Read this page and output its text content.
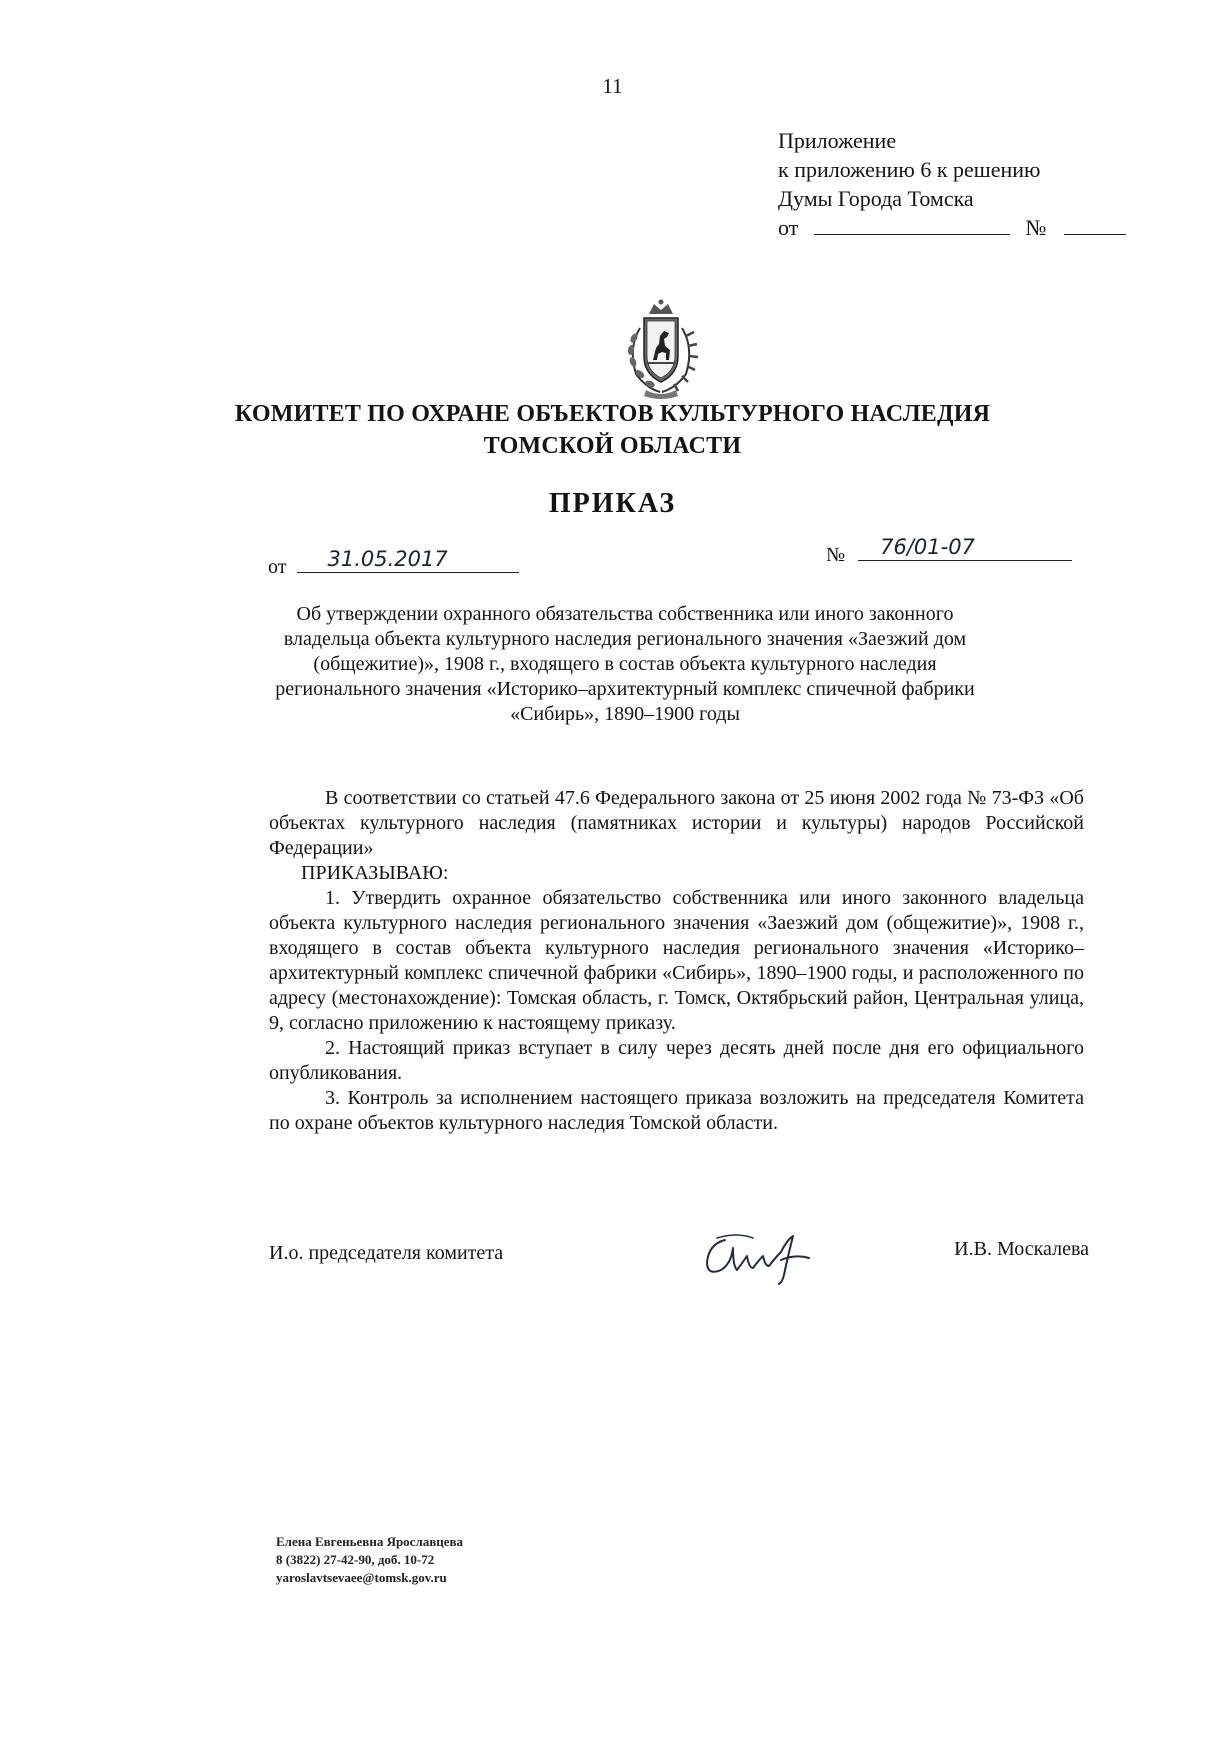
11
Приложение
к приложению 6 к решению
Думы Города Томска
от	№
КОМИТЕТ ПО ОХРАНЕ ОБЪЕКТОВ КУЛЬТУРНОГО НАСЛЕДИЯ
ТОМСКОЙ ОБЛАСТИ
ПРИКАЗ
от 31.05.2017	№ 76/01-07
Об утверждении охранного обязательства собственника или иного законного владельца объекта культурного наследия регионального значения «Заезжий дом (общежитие)», 1908 г., входящего в состав объекта культурного наследия регионального значения «Историко–архитектурный комплекс спичечной фабрики «Сибирь», 1890–1900 годы

В соответствии со статьей 47.6 Федерального закона от 25 июня 2002 года № 73-ФЗ «Об объектах культурного наследия (памятниках истории и культуры) народов Российской Федерации»

ПРИКАЗЫВАЮ:

1. Утвердить охранное обязательство собственника или иного законного владельца объекта культурного наследия регионального значения «Заезжий дом (общежитие)», 1908 г., входящего в состав объекта культурного наследия регионального значения «Историко–архитектурный комплекс спичечной фабрики «Сибирь», 1890–1900 годы, и расположенного по адресу (местонахождение): Томская область, г. Томск, Октябрьский район, Центральная улица, 9, согласно приложению к настоящему приказу.

2. Настоящий приказ вступает в силу через десять дней после дня его официального опубликования.

3. Контроль за исполнением настоящего приказа возложить на председателя Комитета по охране объектов культурного наследия Томской области.

И.о. председателя комитета	И.В. Москалева
Елена Евгеньевна Ярославцева
8 (3822) 27-42-90, доб. 10-72
yaroslavtsevaee@tomsk.gov.ru
